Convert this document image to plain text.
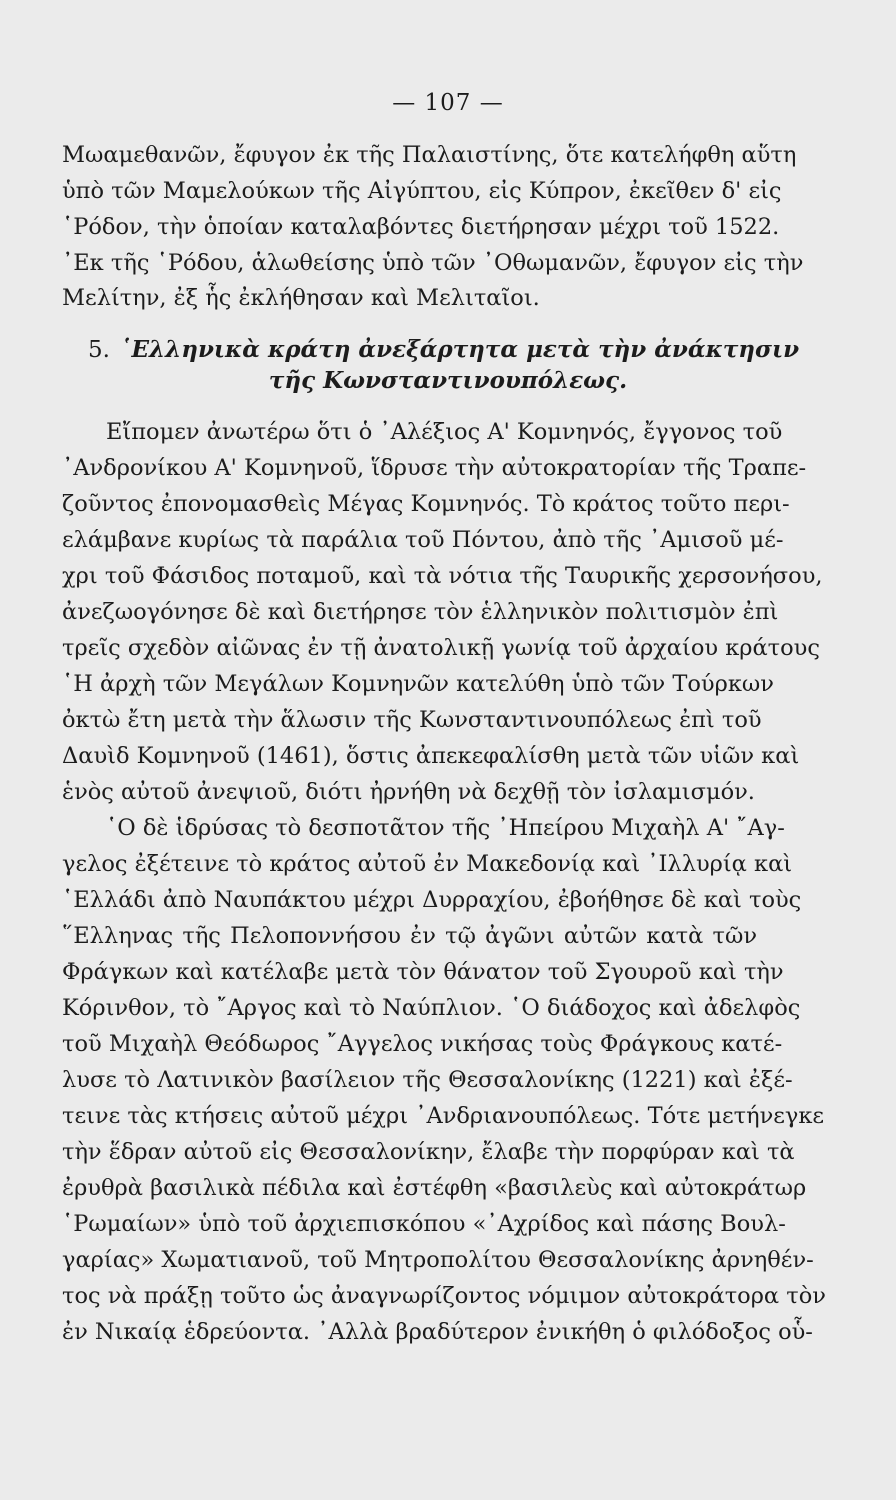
— 107 —
Μωαμεθανῶν, ἔφυγον ἐκ τῆς Παλαιστίνης, ὅτε κατελήφθη αὕτη
ὑπὸ τῶν Μαμελούκων τῆς Αἰγύπτου, εἰς Κύπρον, ἐκεῖθεν δ' εἰς
῾Ρόδον, τὴν ὁποίαν καταλαβόντες διετήρησαν μέχρι τοῦ 1522.
᾽Εκ τῆς ῾Ρόδου, ἁλωθείσης ὑπὸ τῶν ᾽Οθωμανῶν, ἔφυγον εἰς τὴν
Μελίτην, ἐξ ἧς ἐκλήθησαν καὶ Μελιταῖοι.
5. ῾Ελληνικὰ κράτη ἀνεξάρτητα μετὰ τὴν ἀνάκτησιν
τῆς Κωνσταντινουπόλεως.
Εἴπομεν ἀνωτέρω ὅτι ὁ ᾽Αλέξιος Α' Κομνηνός, ἔγγονος τοῦ
᾽Ανδρονίκου Α' Κομνηνοῦ, ἵδρυσε τὴν αὐτοκρατορίαν τῆς Τραπε-
ζοῦντος ἐπονομασθεὶς Μέγας Κομνηνός. Τὸ κράτος τοῦτο περι-
ελάμβανε κυρίως τὰ παράλια τοῦ Πόντου, ἀπὸ τῆς ᾽Αμισοῦ μέ-
χρι τοῦ Φάσιδος ποταμοῦ, καὶ τὰ νότια τῆς Ταυρικῆς χερσονήσου,
ἀνεζωογόνησε δὲ καὶ διετήρησε τὸν ἑλληνικὸν πολιτισμὸν ἐπὶ
τρεῖς σχεδὸν αἰῶνας ἐν τῇ ἀνατολικῇ γωνίᾳ τοῦ ἀρχαίου κράτους
῾Η ἀρχὴ τῶν Μεγάλων Κομνηνῶν κατελύθη ὑπὸ τῶν Τούρκων
ὀκτὼ ἔτη μετὰ τὴν ἅλωσιν τῆς Κωνσταντινουπόλεως ἐπὶ τοῦ
Δαυὶδ Κομνηνοῦ (1461), ὅστις ἀπεκεφαλίσθη μετὰ τῶν υἱῶν καὶ
ἑνὸς αὐτοῦ ἀνεψιοῦ, διότι ἠρνήθη νὰ δεχθῇ τὸν ἰσλαμισμόν.
῾Ο δὲ ἱδρύσας τὸ δεσποτᾶτον τῆς ᾽Ηπείρου Μιχαὴλ Α' ῎Αγ-
γελος ἐξέτεινε τὸ κράτος αὐτοῦ ἐν Μακεδονίᾳ καὶ ᾽Ιλλυρίᾳ καὶ
῾Ελλάδι ἀπὸ Ναυπάκτου μέχρι Δυρραχίου, ἐβοήθησε δὲ καὶ τοὺς
῞Ελληνας τῆς Πελοποννήσου ἐν τῷ ἀγῶνι αὐτῶν κατὰ τῶν
Φράγκων καὶ κατέλαβε μετὰ τὸν θάνατον τοῦ Σγουροῦ καὶ τὴν
Κόρινθον, τὸ ῎Αργος καὶ τὸ Ναύπλιον. ῾Ο διάδοχος καὶ ἀδελφὸς
τοῦ Μιχαὴλ Θεόδωρος ῎Αγγελος νικήσας τοὺς Φράγκους κατέ-
λυσε τὸ Λατινικὸν βασίλειον τῆς Θεσσαλονίκης (1221) καὶ ἐξέ-
τεινε τὰς κτήσεις αὐτοῦ μέχρι ᾽Ανδριανουπόλεως. Τότε μετήνεγκε
τὴν ἕδραν αὐτοῦ εἰς Θεσσαλονίκην, ἔλαβε τὴν πορφύραν καὶ τὰ
ἐρυθρὰ βασιλικὰ πέδιλα καὶ ἐστέφθη «βασιλεὺς καὶ αὐτοκράτωρ
῾Ρωμαίων» ὑπὸ τοῦ ἀρχιεπισκόπου «᾽Αχρίδος καὶ πάσης Βουλ-
γαρίας» Χωματιανοῦ, τοῦ Μητροπολίτου Θεσσαλονίκης ἀρνηθέν-
τος νὰ πράξῃ τοῦτο ὡς ἀναγνωρίζοντος νόμιμον αὐτοκράτορα τὸν
ἐν Νικαίᾳ ἑδρεύοντα. ᾽Αλλὰ βραδύτερον ἐνικήθη ὁ φιλόδοξος οὗ-
